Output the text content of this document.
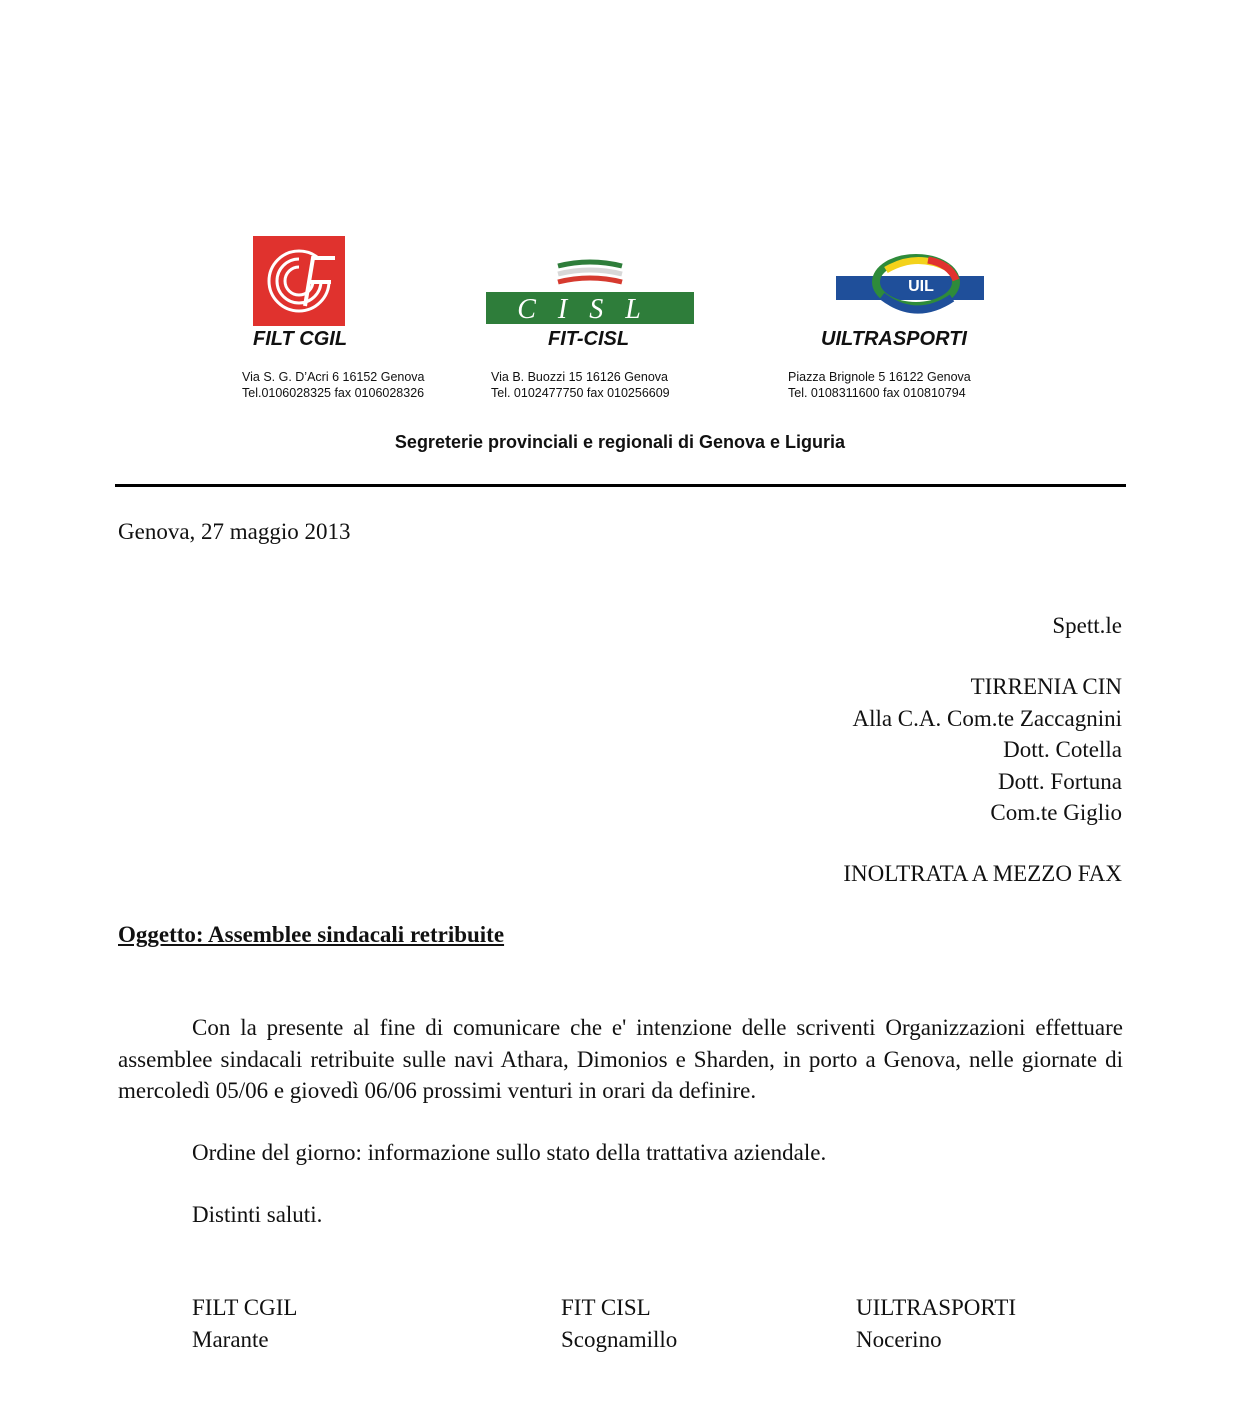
FILT CGIL
CISL
FIT-CISL
UIL
UILTRASPORTI
Via S. G. D’Acri 6 16152 Genova
Tel.0106028325 fax 0106028326
Via B. Buozzi 15 16126 Genova
Tel. 0102477750 fax 010256609
Piazza Brignole 5 16122 Genova
Tel. 0108311600 fax 010810794
Segreterie provinciali e regionali di Genova e Liguria
Genova, 27 maggio 2013
Spett.le
TIRRENIA CIN
Alla C.A. Com.te Zaccagnini
Dott. Cotella
Dott. Fortuna
Com.te Giglio
INOLTRATA A MEZZO FAX
Oggetto: Assemblee sindacali retribuite

Con la presente al fine di comunicare che e' intenzione delle scriventi Organizzazioni effettuare assemblee sindacali retribuite sulle navi Athara, Dimonios e Sharden, in porto a Genova, nelle giornate di mercoledì 05/06 e giovedì 06/06 prossimi venturi in orari da definire.

Ordine del giorno: informazione sullo stato della trattativa aziendale.
Distinti saluti.
FILT CGIL
Marante
FIT CISL
Scognamillo
UILTRASPORTI
Nocerino
